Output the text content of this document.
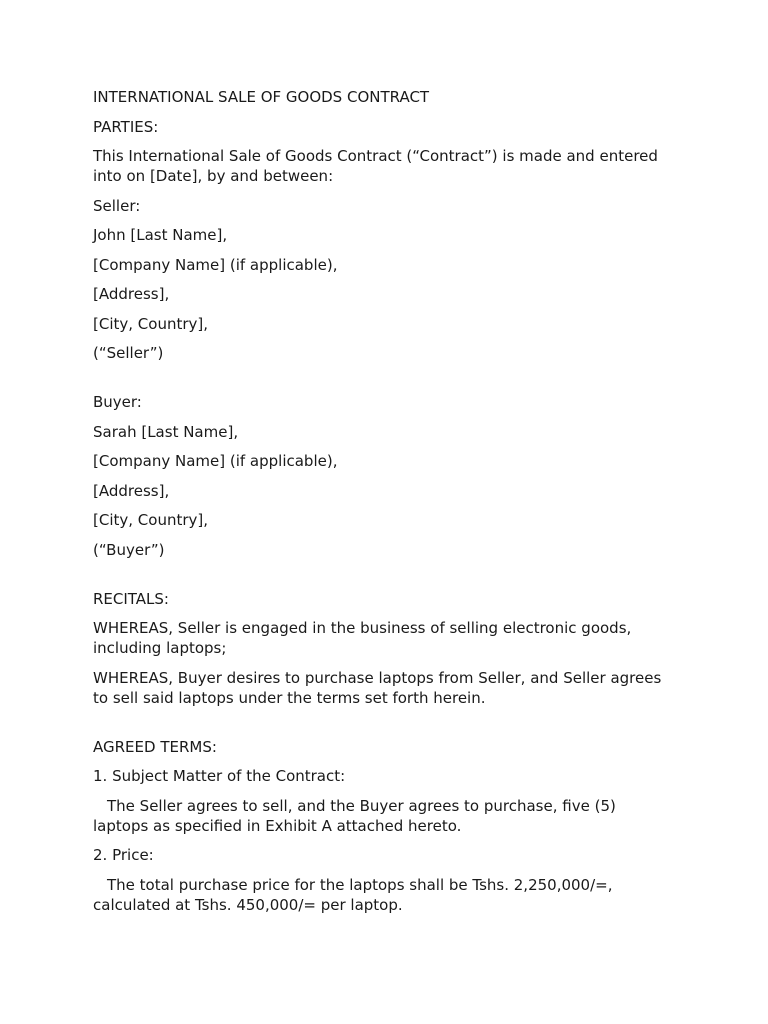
INTERNATIONAL SALE OF GOODS CONTRACT

PARTIES:

This International Sale of Goods Contract (“Contract”) is made and entered into on [Date], by and between:

Seller:

John [Last Name],

[Company Name] (if applicable),

[Address],

[City, Country],

(“Seller”)

Buyer:

Sarah [Last Name],

[Company Name] (if applicable),

[Address],

[City, Country],

(“Buyer”)

RECITALS:

WHEREAS, Seller is engaged in the business of selling electronic goods, including laptops;

WHEREAS, Buyer desires to purchase laptops from Seller, and Seller agrees to sell said laptops under the terms set forth herein.

AGREED TERMS:

1. Subject Matter of the Contract:

The Seller agrees to sell, and the Buyer agrees to purchase, five (5) laptops as specified in Exhibit A attached hereto.

2. Price:

The total purchase price for the laptops shall be Tshs. 2,250,000/=, calculated at Tshs. 450,000/= per laptop.
